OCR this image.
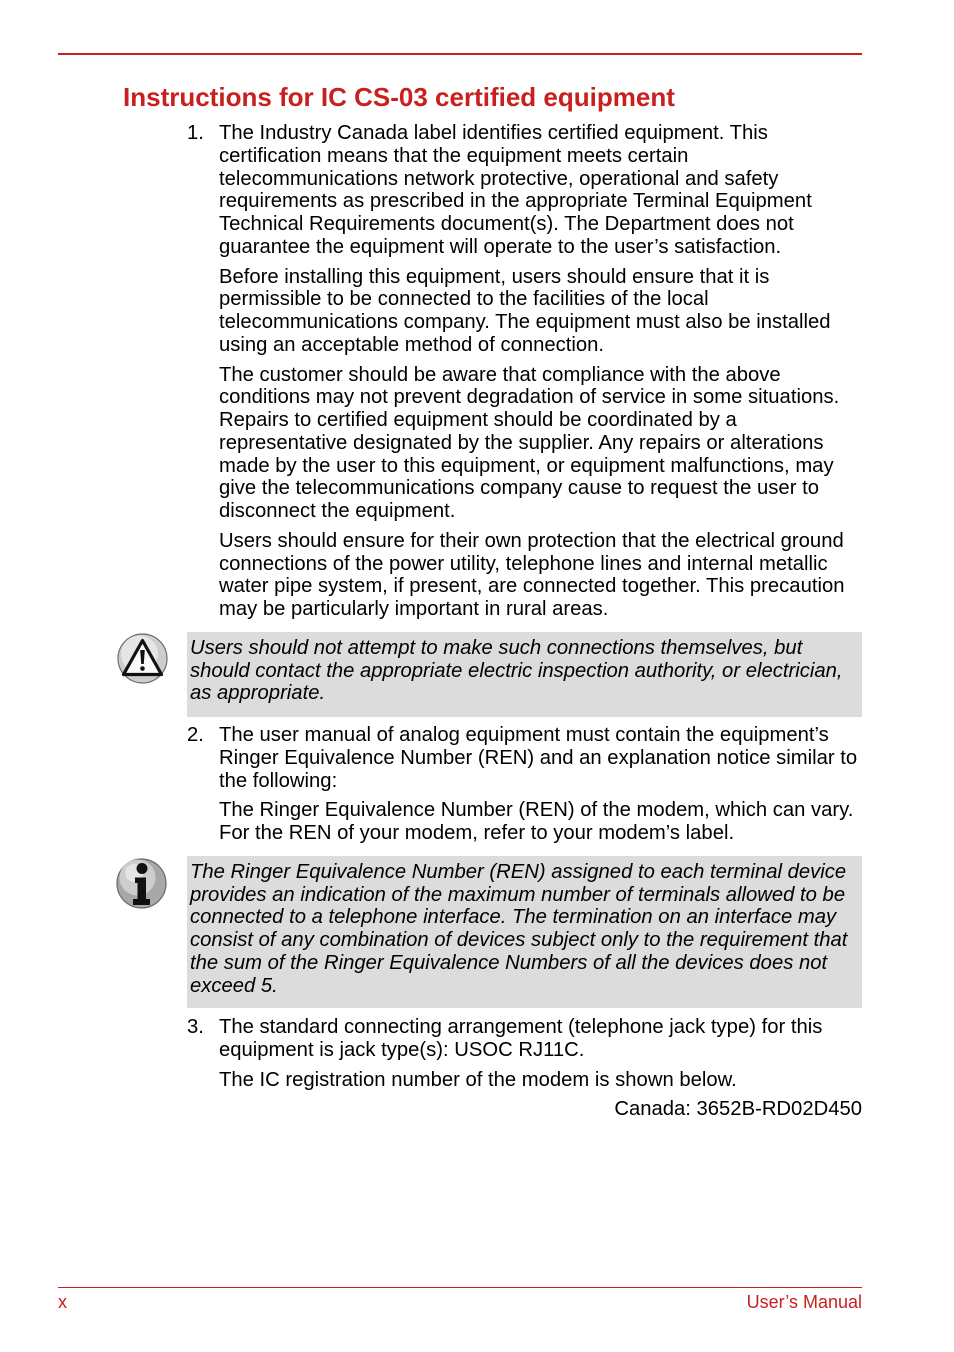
Instructions for IC CS-03 certified equipment
1. The Industry Canada label identifies certified equipment. This
certification means that the equipment meets certain
telecommunications network protective, operational and safety
requirements as prescribed in the appropriate Terminal Equipment
Technical Requirements document(s). The Department does not
guarantee the equipment will operate to the user’s satisfaction.

Before installing this equipment, users should ensure that it is
permissible to be connected to the facilities of the local
telecommunications company. The equipment must also be installed
using an acceptable method of connection.

The customer should be aware that compliance with the above
conditions may not prevent degradation of service in some situations.
Repairs to certified equipment should be coordinated by a
representative designated by the supplier. Any repairs or alterations
made by the user to this equipment, or equipment malfunctions, may
give the telecommunications company cause to request the user to
disconnect the equipment.

Users should ensure for their own protection that the electrical ground
connections of the power utility, telephone lines and internal metallic
water pipe system, if present, are connected together. This precaution
may be particularly important in rural areas.

Users should not attempt to make such connections themselves, but
should contact the appropriate electric inspection authority, or electrician,
as appropriate.

2. The user manual of analog equipment must contain the equipment’s
Ringer Equivalence Number (REN) and an explanation notice similar to
the following:

The Ringer Equivalence Number (REN) of the modem, which can vary.
For the REN of your modem, refer to your modem’s label.

The Ringer Equivalence Number (REN) assigned to each terminal device
provides an indication of the maximum number of terminals allowed to be
connected to a telephone interface. The termination on an interface may
consist of any combination of devices subject only to the requirement that
the sum of the Ringer Equivalence Numbers of all the devices does not
exceed 5.

3. The standard connecting arrangement (telephone jack type) for this
equipment is jack type(s): USOC RJ11C.

The IC registration number of the modem is shown below.

Canada: 3652B-RD02D450

x	User’s Manual
